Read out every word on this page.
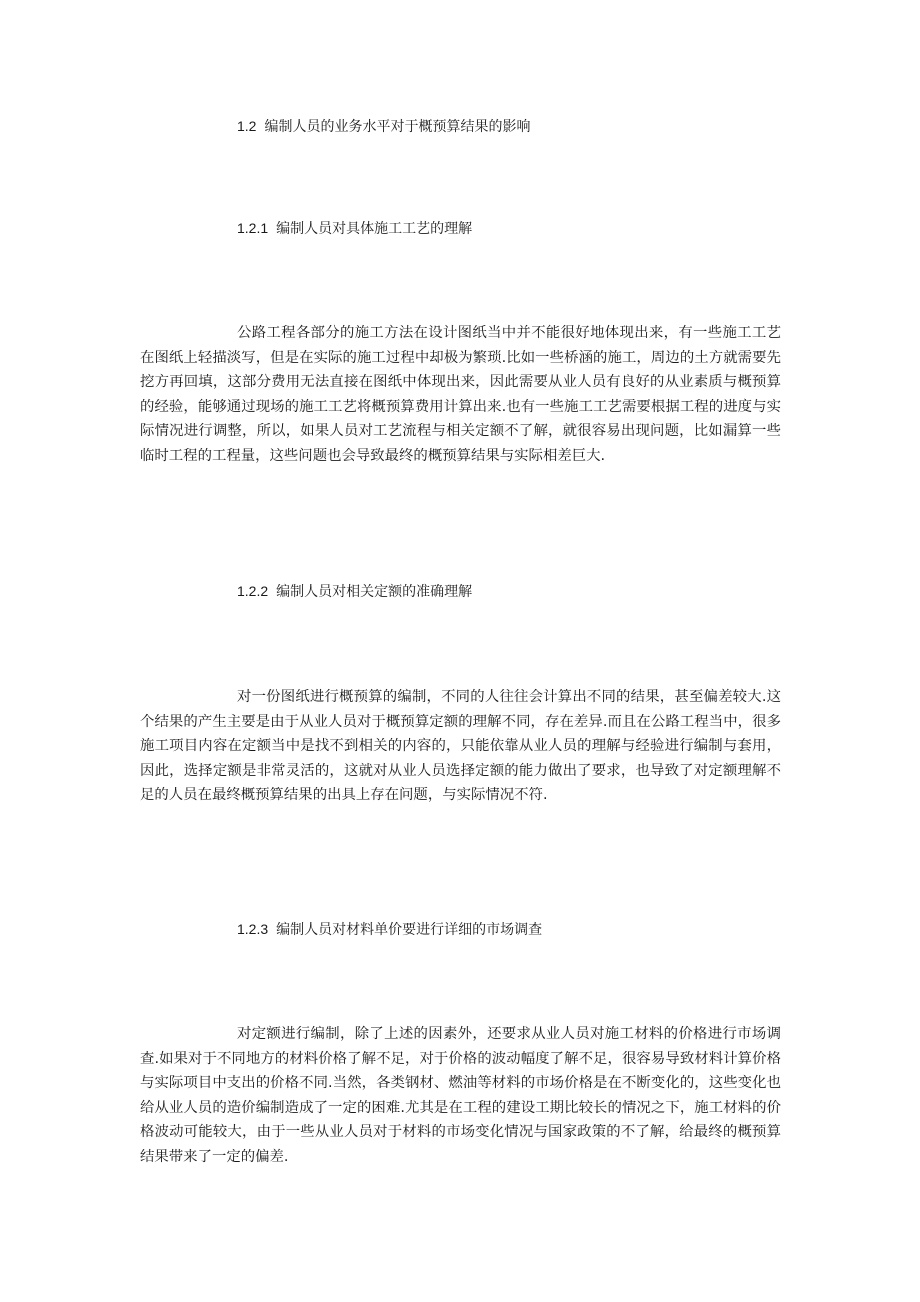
1.2 编制人员的业务水平对于概预算结果的影响
1.2.1 编制人员对具体施工工艺的理解
公路工程各部分的施工方法在设计图纸当中并不能很好地体现出来，有一些施工工艺在图纸上轻描淡写，但是在实际的施工过程中却极为繁琐.比如一些桥涵的施工，周边的土方就需要先挖方再回填，这部分费用无法直接在图纸中体现出来，因此需要从业人员有良好的从业素质与概预算的经验，能够通过现场的施工工艺将概预算费用计算出来.也有一些施工工艺需要根据工程的进度与实际情况进行调整，所以，如果人员对工艺流程与相关定额不了解，就很容易出现问题，比如漏算一些临时工程的工程量，这些问题也会导致最终的概预算结果与实际相差巨大.
1.2.2 编制人员对相关定额的准确理解
对一份图纸进行概预算的编制，不同的人往往会计算出不同的结果，甚至偏差较大.这个结果的产生主要是由于从业人员对于概预算定额的理解不同，存在差异.而且在公路工程当中，很多施工项目内容在定额当中是找不到相关的内容的，只能依靠从业人员的理解与经验进行编制与套用，因此，选择定额是非常灵活的，这就对从业人员选择定额的能力做出了要求，也导致了对定额理解不足的人员在最终概预算结果的出具上存在问题，与实际情况不符.
1.2.3 编制人员对材料单价要进行详细的市场调查
对定额进行编制，除了上述的因素外，还要求从业人员对施工材料的价格进行市场调查.如果对于不同地方的材料价格了解不足，对于价格的波动幅度了解不足，很容易导致材料计算价格与实际项目中支出的价格不同.当然，各类钢材、燃油等材料的市场价格是在不断变化的，这些变化也给从业人员的造价编制造成了一定的困难.尤其是在工程的建设工期比较长的情况之下，施工材料的价格波动可能较大，由于一些从业人员对于材料的市场变化情况与国家政策的不了解，给最终的概预算结果带来了一定的偏差.
